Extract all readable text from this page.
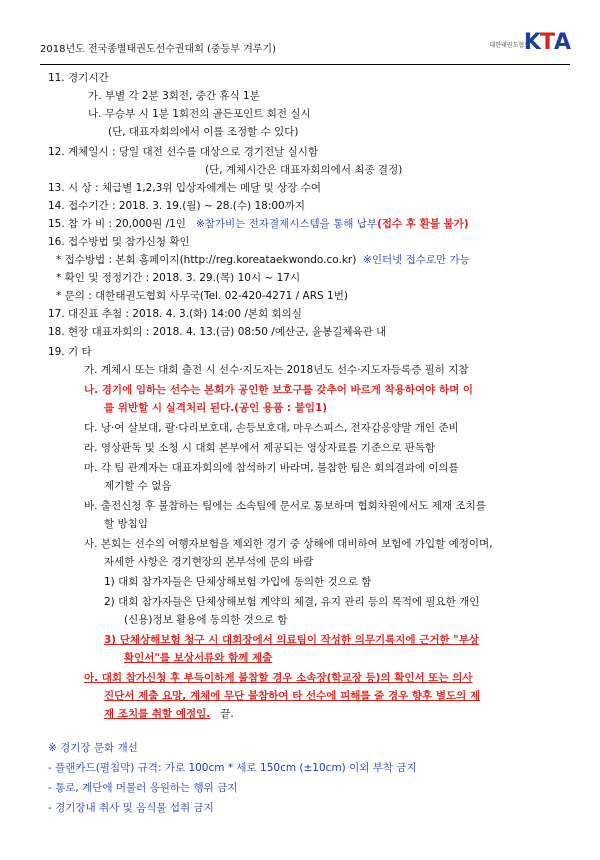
2018년도 전국종별태권도선수권대회 (중등부 겨루기)	대한태권도협회
KTA
11. 경기시간
가. 부별 각 2분 3회전, 중간 휴식 1분
나. 무승부 시 1분 1회전의 골든포인트 회전 실시
(단, 대표자회의에서 이를 조정할 수 있다)
12. 계체일시 : 당일 대전 선수를 대상으로 경기전날 실시함
(단, 계체시간은 대표자회의에서 최종 결정)
13. 시 상 : 체급별 1,2,3위 입상자에게는 메달 및 상장 수여
14. 접수기간 : 2018. 3. 19.(월) ~ 28.(수) 18:00까지
15. 참 가 비 : 20,000원 /1인 ※참가비는 전자결제시스템을 통해 납부(접수 후 환불 불가)
16. 접수방법 및 참가신청 확인
* 접수방법 : 본회 홈페이지(http://reg.koreataekwondo.co.kr) ※인터넷 접수로만 가능
* 확인 및 정정기간 : 2018. 3. 29.(목) 10시 ~ 17시
* 문의 : 대한태권도협회 사무국(Tel. 02-420-4271 / ARS 1번)
17. 대진표 추첨 : 2018. 4. 3.(화) 14:00 /본회 회의실
18. 현장 대표자회의 : 2018. 4. 13.(금) 08:50 /예산군, 윤봉길체육관 내
19. 기 타
가. 계체시 또는 대회 출전 시 선수·지도자는 2018년도 선수·지도자등록증 필히 지참
나. 경기에 임하는 선수는 본회가 공인한 보호구를 갖추어 바르게 착용하여야 하며 이
를 위반할 시 실격처리 된다.(공인 용품 : 붙임1)
다. 낭·여 살보대, 팔·다리보호대, 손등보호대, 마우스피스, 전자감응양말 개인 준비
라. 영상판독 및 소청 시 대회 본부에서 제공되는 영상자료를 기준으로 판독함
마. 각 팀 관계자는 대표자회의에 참석하기 바라며, 불참한 팀은 회의결과에 이의를
제기할 수 없음
바. 출전신청 후 불참하는 팀에는 소속팀에 문서로 통보하며 협회차원에서도 제재 조치를
할 방침임
사. 본회는 선수의 여행자보험을 제외한 경기 중 상해에 대비하여 보험에 가입할 예정이며,
자세한 사항은 경기현장의 본부석에 문의 바람
1) 대회 참가자들은 단체상해보험 가입에 동의한 것으로 함
2) 대회 참가자들은 단체상해보험 계약의 체결, 유지 관리 등의 목적에 필요한 개인
(신용)정보 활용에 동의한 것으로 함
3) 단체상해보험 청구 시 대회장에서 의료팀이 작성한 의무기록지에 근거한 "부상
확인서"를 보상서류와 함께 제출
아. 대회 참가신청 후 부득이하게 불참할 경우 소속장(학교장 등)의 확인서 또는 의사
진단서 제출 요망, 계체에 무단 불참하여 타 선수에 피해를 줄 경우 향후 별도의 제
재 조치를 취할 예정임. 끝.
※ 경기장 문화 개선
- 플랜카드(펼침막) 규격: 가로 100cm * 세로 150cm (±10cm) 이외 부착 금지
- 통로, 계단에 머물러 응원하는 행위 금지
- 경기장내 취사 및 음식물 섭취 금지
